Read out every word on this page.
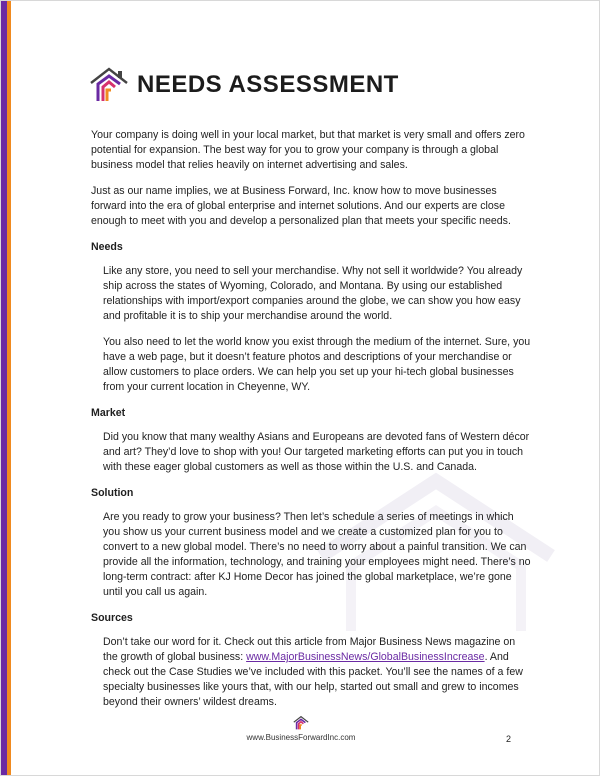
NEEDS ASSESSMENT

Your company is doing well in your local market, but that market is very small and offers zero potential for expansion. The best way for you to grow your company is through a global business model that relies heavily on internet advertising and sales.

Just as our name implies, we at Business Forward, Inc. know how to move businesses forward into the era of global enterprise and internet solutions. And our experts are close enough to meet with you and develop a personalized plan that meets your specific needs.

Needs

Like any store, you need to sell your merchandise. Why not sell it worldwide? You already ship across the states of Wyoming, Colorado, and Montana. By using our established relationships with import/export companies around the globe, we can show you how easy and profitable it is to ship your merchandise around the world.

You also need to let the world know you exist through the medium of the internet. Sure, you have a web page, but it doesn’t feature photos and descriptions of your merchandise or allow customers to place orders. We can help you set up your hi-tech global businesses from your current location in Cheyenne, WY.

Market

Did you know that many wealthy Asians and Europeans are devoted fans of Western décor and art? They’d love to shop with you! Our targeted marketing efforts can put you in touch with these eager global customers as well as those within the U.S. and Canada.

Solution

Are you ready to grow your business? Then let’s schedule a series of meetings in which you show us your current business model and we create a customized plan for you to convert to a new global model. There’s no need to worry about a painful transition. We can provide all the information, technology, and training your employees might need. There’s no long-term contract: after KJ Home Decor has joined the global marketplace, we’re gone until you call us again.

Sources

Don’t take our word for it. Check out this article from Major Business News magazine on the growth of global business: www.MajorBusinessNews/GlobalBusinessIncrease. And check out the Case Studies we’ve included with this packet. You’ll see the names of a few specialty businesses like yours that, with our help, started out small and grew to incomes beyond their owners’ wildest dreams.

2
www.BusinessForwardInc.com
